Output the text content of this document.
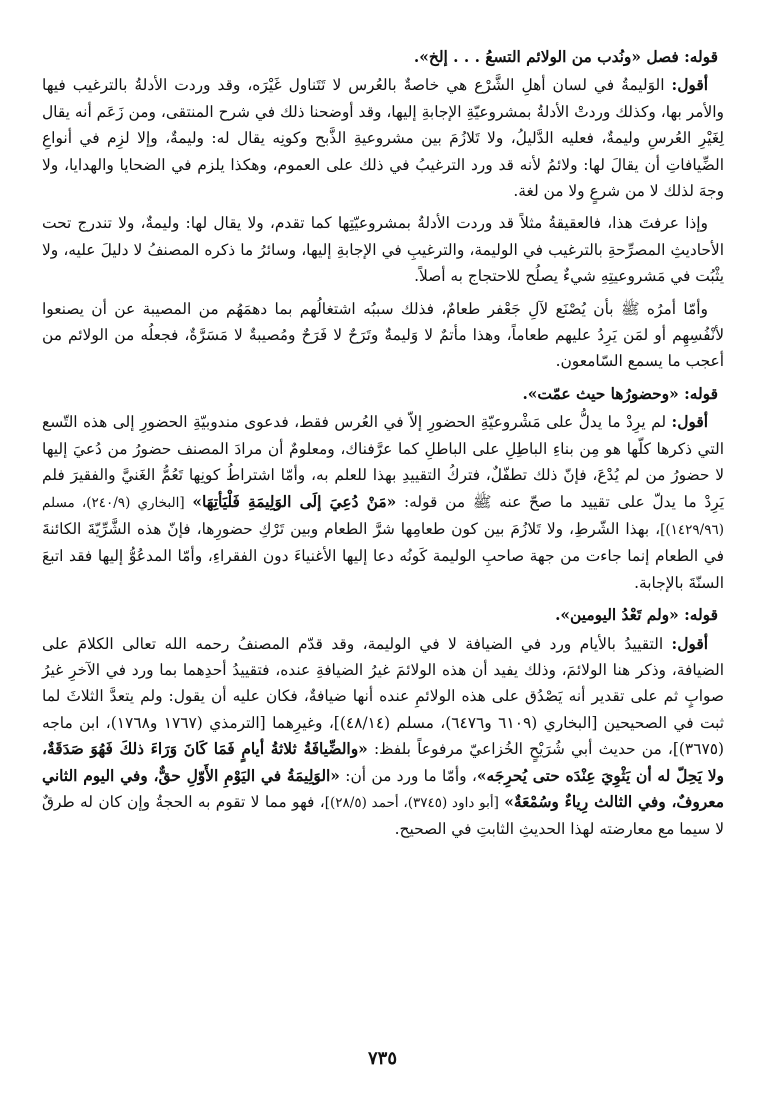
قوله: فصل «ونُدب من الولائم التسعُ . . . إلخ».

أقول: الوَليمةُ في لسان أهلِ الشَّرْع هي خاصةٌ بالعُرس لا تَتَناول غَيْرَه، وقد وردت الأدلةُ بالترغيب فيها والأمر بها، وكذلك وردتْ الأدلةُ بمشروعيّةِ الإجابةِ إليها، وقد أوضحنا ذلك في شرح المنتقى، ومن زَعَم أنه يقال لِغَيْرِ العُرسِ وليمةٌ، فعليه الدَّليلُ، ولا تَلازُمَ بين مشروعيةِ الذَّبح وكونِه يقال له: وليمةٌ، وإلا لزِم في أنواعِ الضِّيافاتِ أن يقالَ لها: ولائمُ لأنه قد ورد الترغيبُ في ذلك على العموم، وهكذا يلزم في الضحايا والهدايا، ولا وجهَ لذلك لا من شرعٍ ولا من لغة.

وإذا عرفتَ هذا، فالعقيقةُ مثلاً قد وردت الأدلةُ بمشروعيّتِها كما تقدم، ولا يقال لها: وليمةٌ، ولا تندرج تحت الأحاديثِ المصرِّحةِ بالترغيب في الوليمة، والترغيبِ في الإجابةِ إليها، وسائرُ ما ذكره المصنفُ لا دليلَ عليه، ولا يثْبُت في مَشروعيتِهِ شيءٌ يصلُح للاحتجاج به أصلاً.

وأمّا أمرُه ﷺ بأن يُصْنَع لآلِ جَعْفر طعامٌ، فذلك سببُه اشتغالُهم بما دهمَهُم من المصيبة عن أن يصنعوا لأنْفُسِهِم أو لمَن يَرِدُ عليهم طعاماً، وهذا مأتمٌ لا وَليمةٌ وتَرَحٌ لا فَرَحٌ ومُصيبةٌ لا مَسَرَّةٌ، فجعلُه من الولائم من أعجب ما يسمع السّامعون.

قوله: «وحضورُها حيث عمّت».

أقول: لم يرِدْ ما يدلُّ على مَشْروعيّةِ الحضورِ إلاّ في العُرس فقط، فدعوى مندوبيّةِ الحضورِ إلى هذه التّسع التي ذكرها كلّها هو مِن بناءِ الباطِلِ على الباطلِ كما عرَّفناك، ومعلومٌ أن مرادَ المصنف حضورُ من دُعيَ إليها لا حضورُ من لم يُدْعَ، فإنّ ذلك تطفّلٌ، فتركُ التقييدِ بهذا للعلم به، وأمّا اشتراطُ كونِها تَعُمُّ الغَنيَّ والفقيرَ فلم يَرِدْ ما يدلّ على تقييد ما صحّ عنه ﷺ من قوله: «مَنْ دُعِيَ إلَى الوَلِيمَةِ فَلْيَأتِهَا» [البخاري (٢٤٠/٩)، مسلم (١٤٢٩/٩٦)]، بهذا الشّرطِ، ولا تَلازُمَ بين كون طعامِها شرَّ الطعام وبين تَرْكِ حضورِها، فإنّ هذه الشَّرِّيّةَ الكائنةَ في الطعام إنما جاءت من جهة صاحبِ الوليمة كَونُه دعا إليها الأغنياءَ دون الفقراءِ، وأمّا المدعُوُّ إليها فقد اتبعَ السنّةَ بالإجابة.

قوله: «ولم تَعْدُ اليومين».

أقول: التقييدُ بالأيام ورد في الضيافة لا في الوليمة، وقد قدّم المصنفُ رحمه الله تعالى الكلامَ على الضيافة، وذكر هنا الولائمَ، وذلك يفيد أن هذه الولائمَ غيرُ الضيافةِ عنده، فتقييدُ أحدِهما بما ورد في الآخرِ غيرُ صوابٍ ثم على تقدير أنه يَصْدُق على هذه الولائمِ عنده أنها ضيافةٌ، فكان عليه أن يقول: ولم يتعدَّ الثلاثَ لما ثبت في الصحيحين [البخاري (٦١٠٩ و٦٤٧٦)، مسلم (٤٨/١٤)]، وغيرِهما [الترمذي (١٧٦٧ و١٧٦٨)، ابن ماجه (٣٦٧٥)]، من حديث أبي شُرَيْحٍ الخُزاعيّ مرفوعاً بلفظ: «والضِّيافَةُ ثلاثةُ أيامٍ فَمَا كَانَ وَرَاءَ ذلكَ فَهُوَ صَدَقَةٌ، ولا يَحِلّ له أن يَثْوِيَ عِنْدَه حتى يُحرِجَه»، وأمّا ما ورد من أن: «الوَلِيمَةُ في اليَوْمِ الأَوّلِ حقٌّ، وفي اليوم الثاني معروفٌ، وفي الثالث رِياءٌ وسُمْعَةٌ» [أبو داود (٣٧٤٥)، أحمد (٢٨/٥)]، فهو مما لا تقوم به الحجةُ وإن كان له طرقٌ لا سيما مع معارضته لهذا الحديثِ الثابتِ في الصحيح.

٧٣٥
